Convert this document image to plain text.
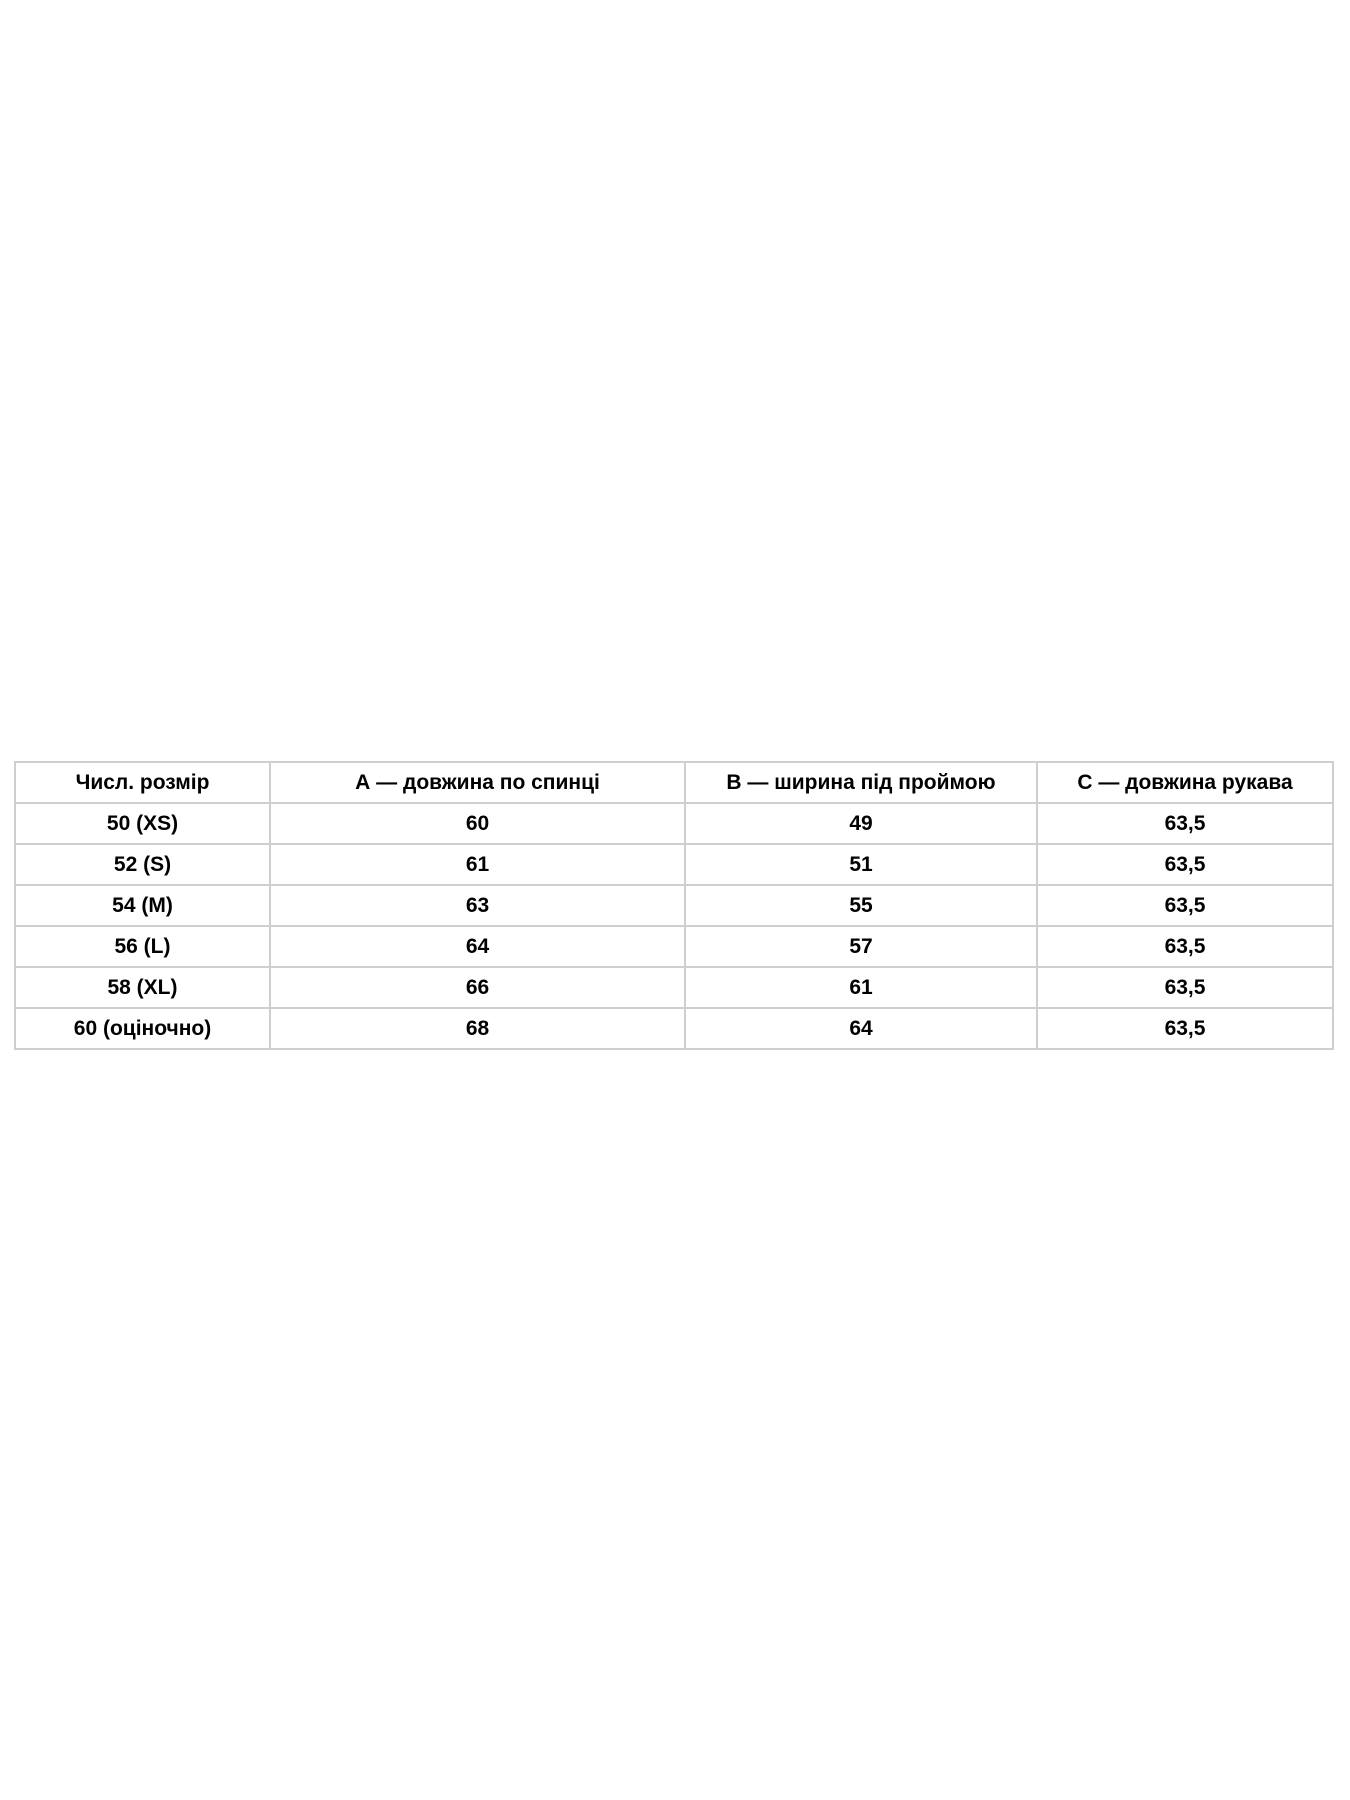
Числ. розмір	А — довжина по спинці	В — ширина під проймою	С — довжина рукава
50 (XS)	60	49	63,5
52 (S)	61	51	63,5
54 (M)	63	55	63,5
56 (L)	64	57	63,5
58 (XL)	66	61	63,5
60 (оціночно)	68	64	63,5
